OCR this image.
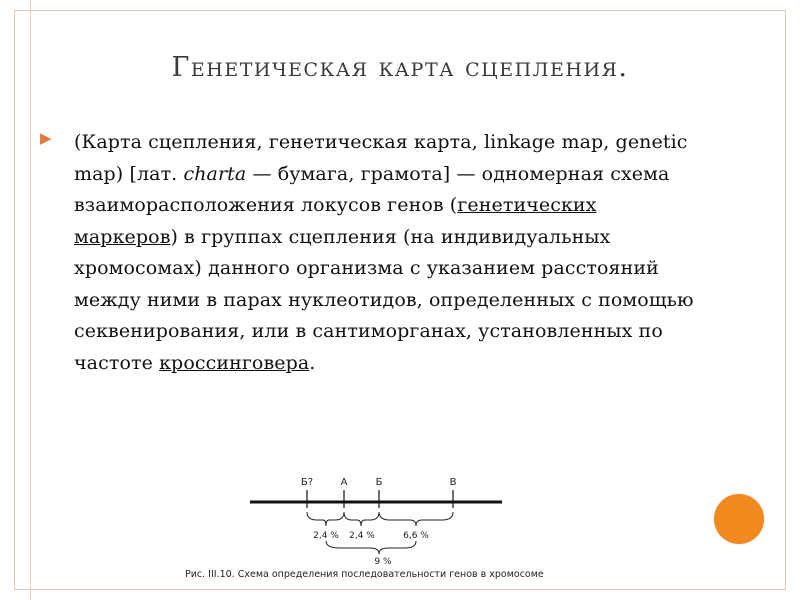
Генетическая карта сцепления.
▶ (Карта сцепления, генетическая карта, linkage map, genetic map) [лат. charta — бумага, грамота] — одномерная схема взаиморасположения локусов генов (генетических маркеров) в группах сцепления (на индивидуальных хромосомах) данного организма с указанием расстояний между ними в парах нуклеотидов, определенных с помощью секвенирования, или в сантиморганах, установленных по частоте кроссинговера.
Б?	А	Б	В
2,4 % 2,4 %	6,6 %
9 %
Рис. III.10. Схема определения последовательности генов в хромосоме
